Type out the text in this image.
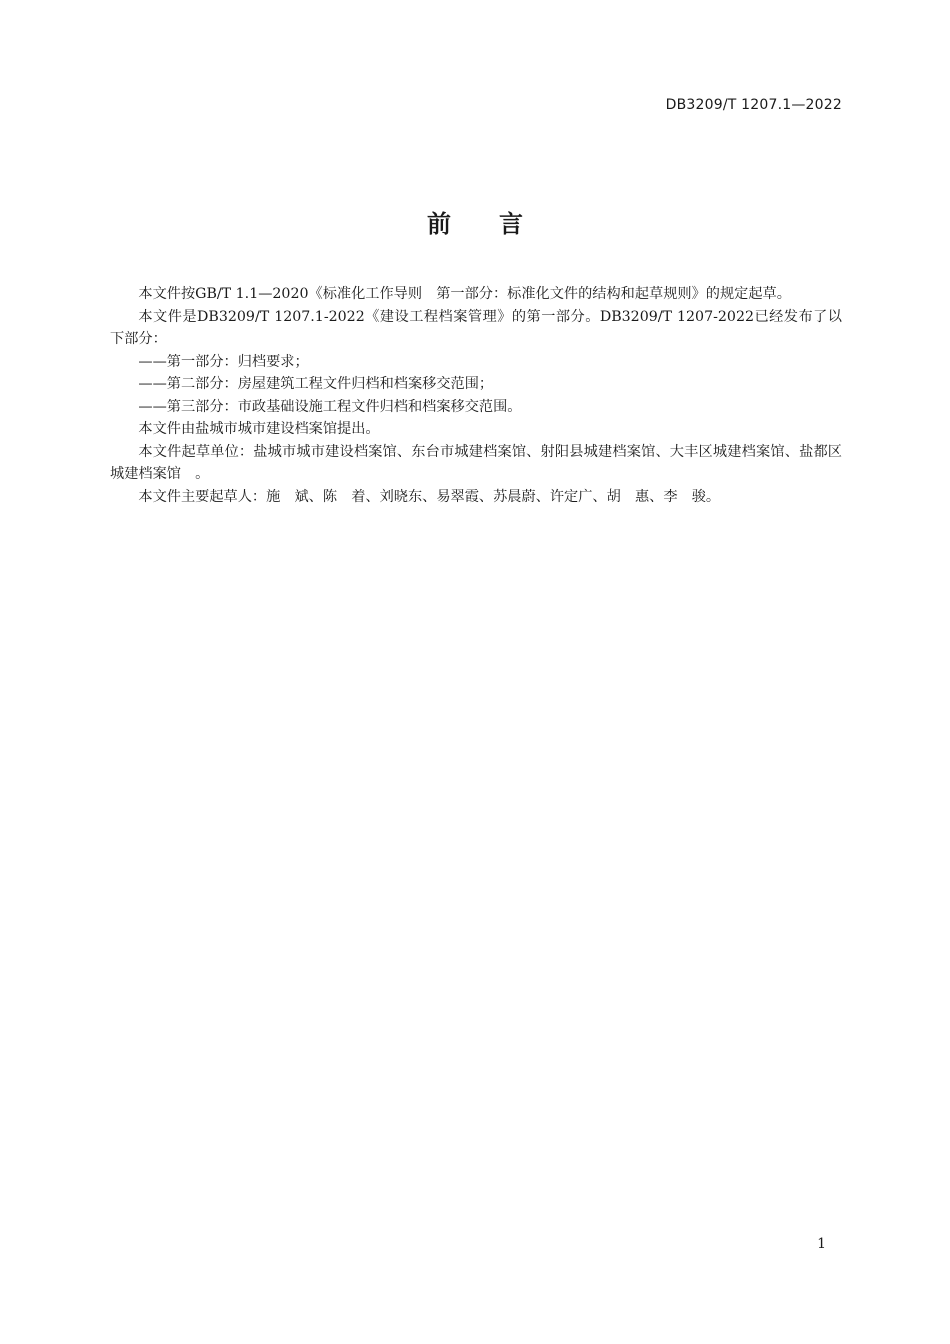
DB3209/T 1207.1—2022
前　　言

本文件按GB/T 1.1—2020《标准化工作导则　第一部分：标准化文件的结构和起草规则》的规定起草。

本文件是DB3209/T 1207.1-2022《建设工程档案管理》的第一部分。DB3209/T 1207-2022已经发布了以下部分：

——第一部分：归档要求；

——第二部分：房屋建筑工程文件归档和档案移交范围；

——第三部分：市政基础设施工程文件归档和档案移交范围。

本文件由盐城市城市建设档案馆提出。

本文件起草单位：盐城市城市建设档案馆、东台市城建档案馆、射阳县城建档案馆、大丰区城建档案馆、盐都区城建档案馆　。

本文件主要起草人：施　斌、陈　着、刘晓东、易翠霞、苏晨蔚、许定广、胡　惠、李　骏。

1
